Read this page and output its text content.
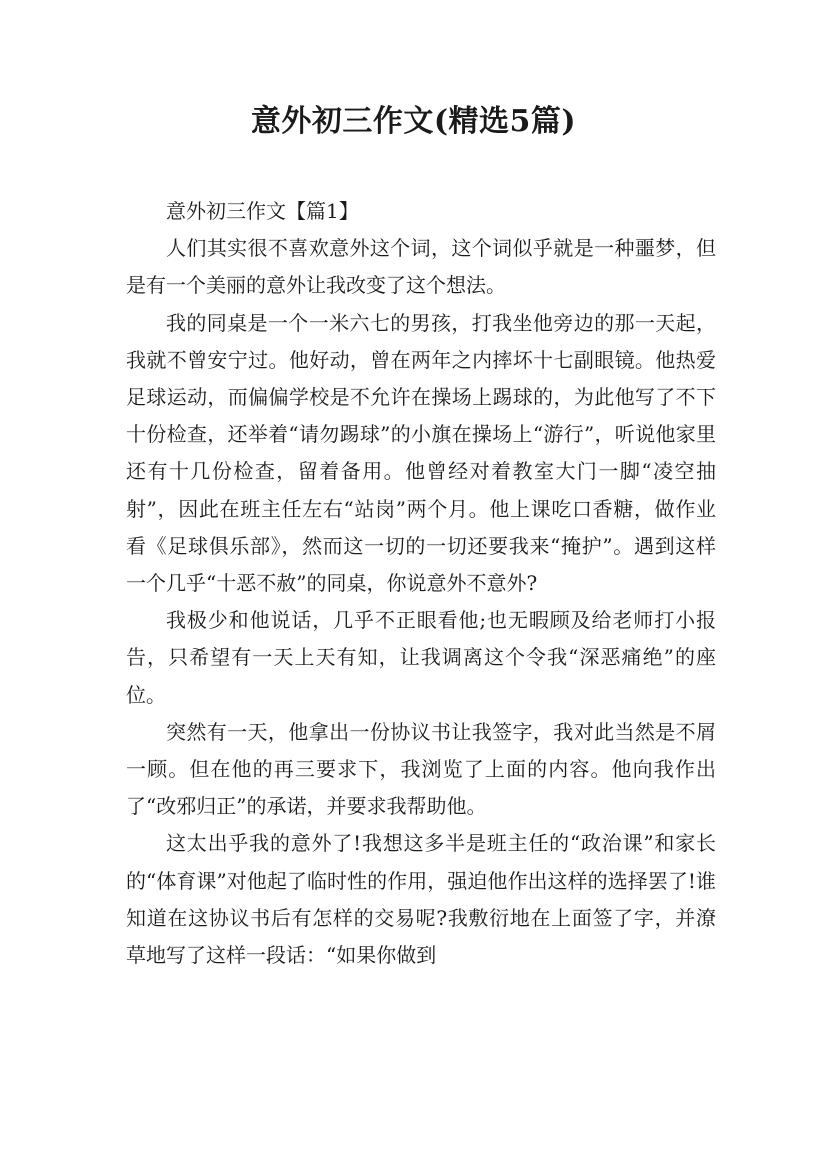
意外初三作文(精选5篇)

意外初三作文【篇1】

人们其实很不喜欢意外这个词，这个词似乎就是一种噩梦，但是有一个美丽的意外让我改变了这个想法。

我的同桌是一个一米六七的男孩，打我坐他旁边的那一天起，我就不曾安宁过。他好动，曾在两年之内摔坏十七副眼镜。他热爱足球运动，而偏偏学校是不允许在操场上踢球的，为此他写了不下十份检查，还举着“请勿踢球”的小旗在操场上“游行”，听说他家里还有十几份检查，留着备用。他曾经对着教室大门一脚“凌空抽射”，因此在班主任左右“站岗”两个月。他上课吃口香糖，做作业看《足球俱乐部》，然而这一切的一切还要我来“掩护”。遇到这样一个几乎“十恶不赦”的同桌，你说意外不意外?

我极少和他说话，几乎不正眼看他;也无暇顾及给老师打小报告，只希望有一天上天有知，让我调离这个令我“深恶痛绝”的座位。

突然有一天，他拿出一份协议书让我签字，我对此当然是不屑一顾。但在他的再三要求下，我浏览了上面的内容。他向我作出了“改邪归正”的承诺，并要求我帮助他。

这太出乎我的意外了!我想这多半是班主任的“政治课”和家长的“体育课”对他起了临时性的作用，强迫他作出这样的选择罢了!谁知道在这协议书后有怎样的交易呢?我敷衍地在上面签了字，并潦草地写了这样一段话：“如果你做到
